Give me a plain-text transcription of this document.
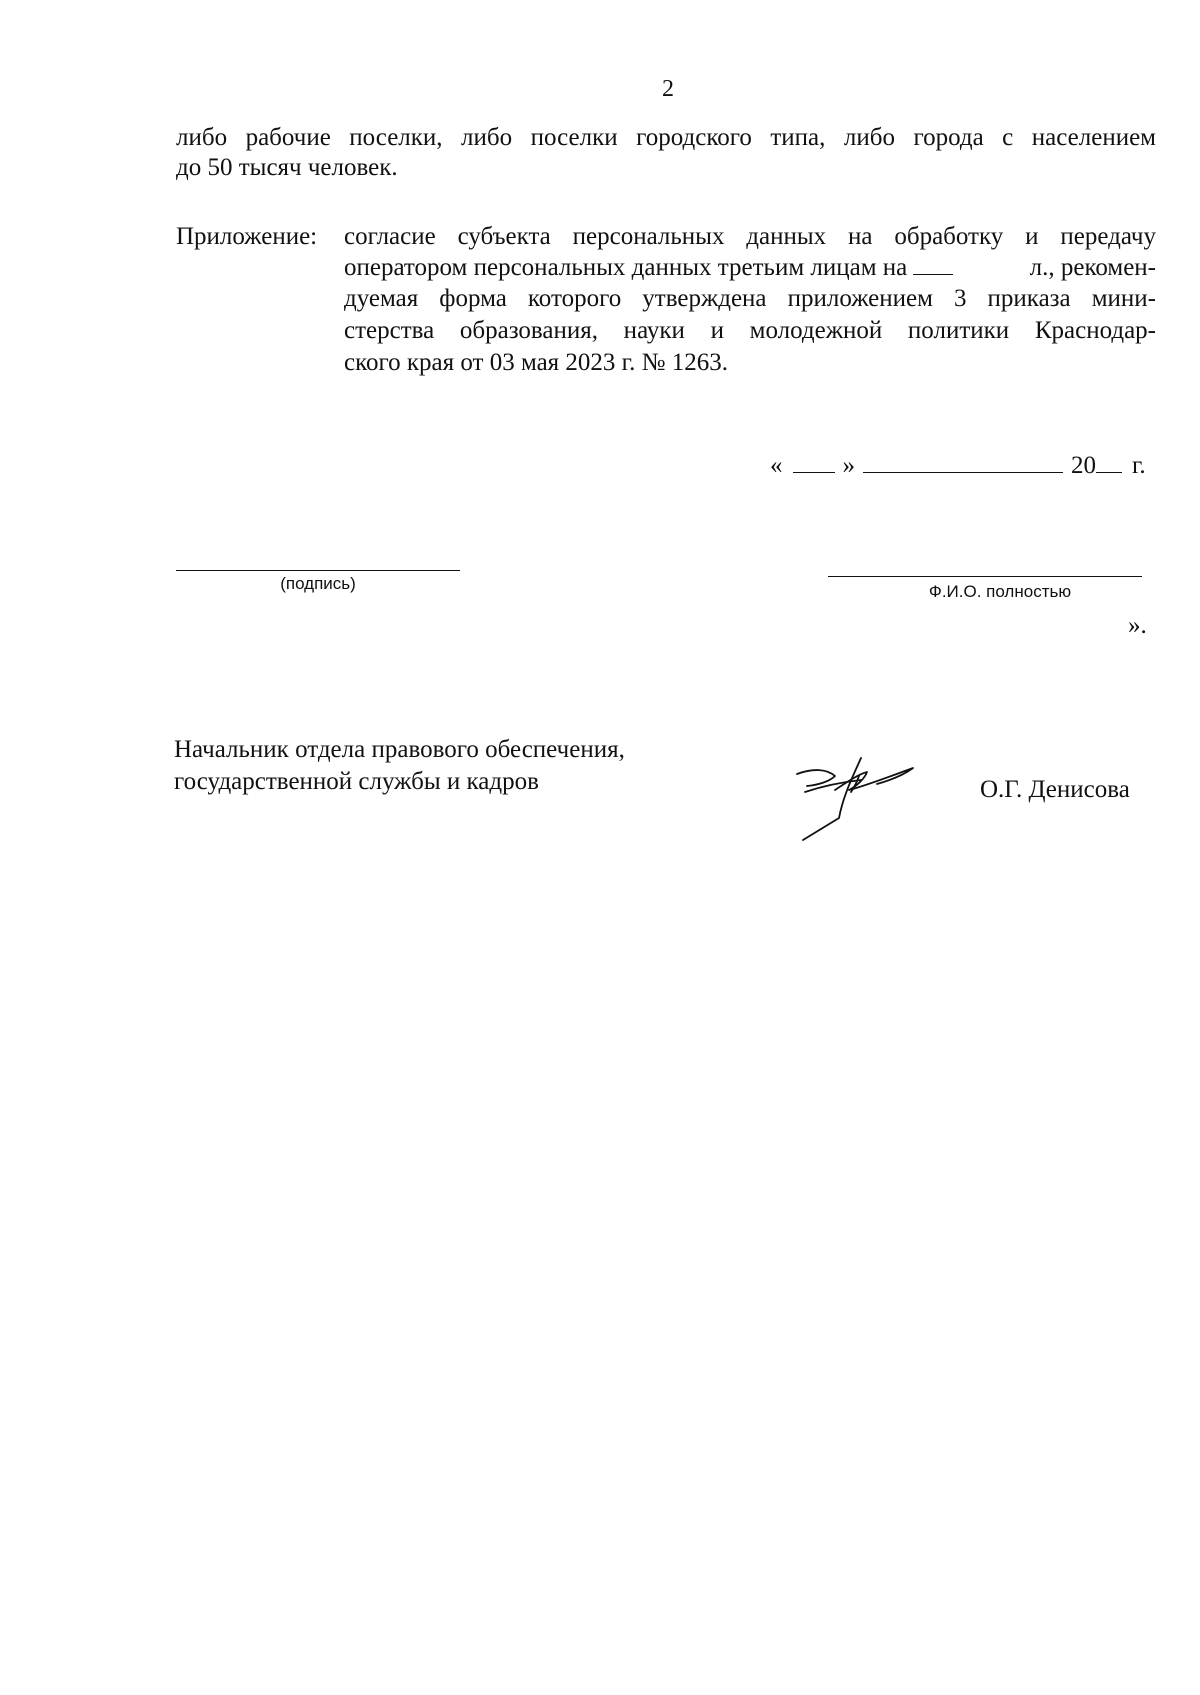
2
либо рабочие поселки, либо поселки городского типа, либо города с населением
до 50 тысяч человек.
Приложение: согласие субъекта персональных данных на обработку и передачу
оператором персональных данных третьим лицам на	л., рекомен-
дуемая форма которого утверждена приложением 3 приказа мини-
стерства образования, науки и молодежной политики Краснодар-
ского края от 03 мая 2023 г. № 1263.
« »	20 г.
(подпись)	Ф.И.О. полностью
».
Начальник отдела правового обеспечения,
государственной службы и кадров	О.Г. Денисова
